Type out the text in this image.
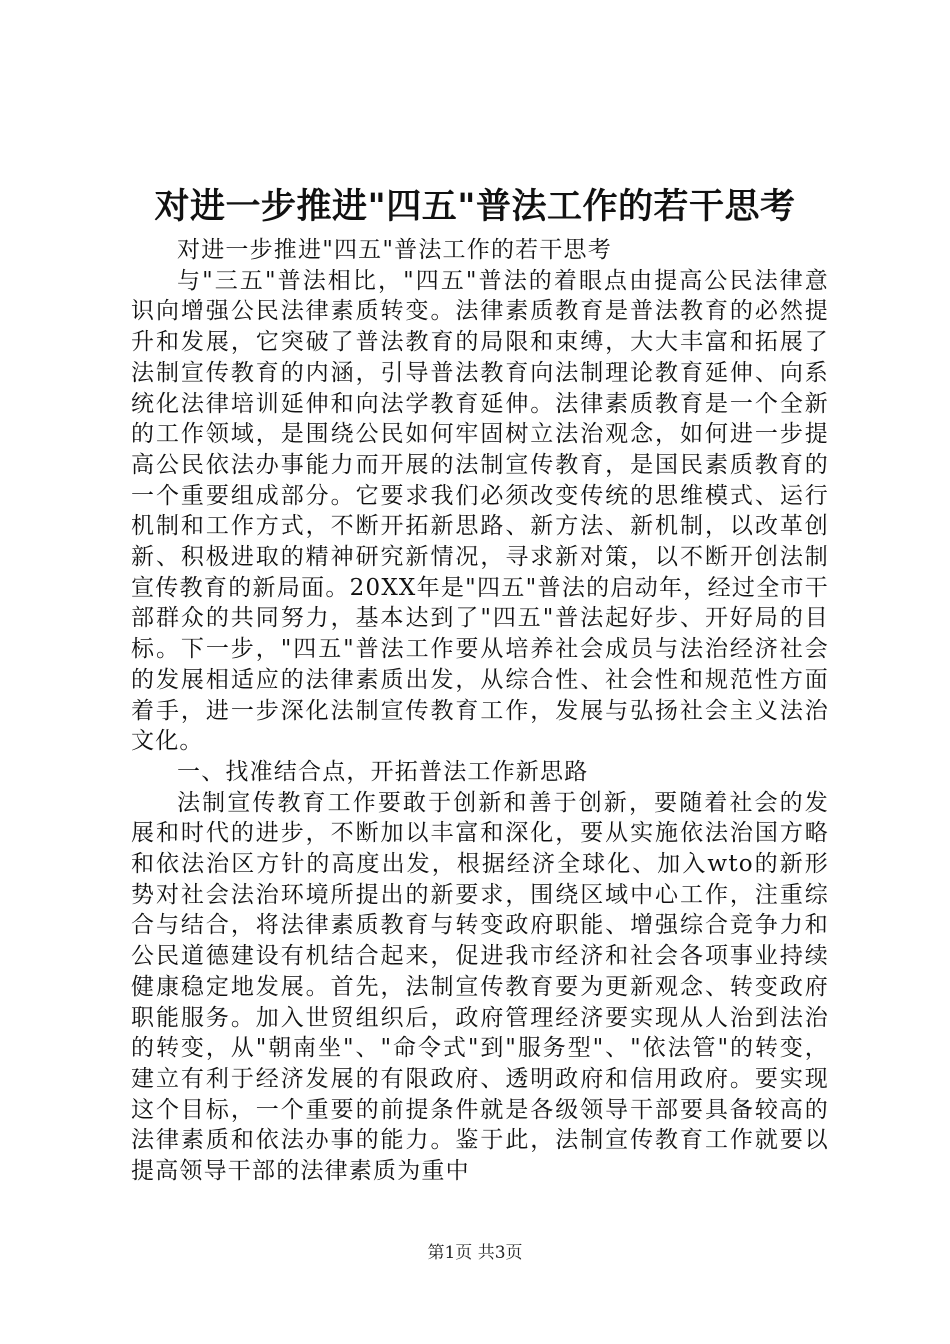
对进一步推进"四五"普法工作的若干思考

对进一步推进"四五"普法工作的若干思考

与"三五"普法相比，"四五"普法的着眼点由提高公民法律意识向增强公民法律素质转变。法律素质教育是普法教育的必然提升和发展，它突破了普法教育的局限和束缚，大大丰富和拓展了法制宣传教育的内涵，引导普法教育向法制理论教育延伸、向系统化法律培训延伸和向法学教育延伸。法律素质教育是一个全新的工作领域，是围绕公民如何牢固树立法治观念，如何进一步提高公民依法办事能力而开展的法制宣传教育，是国民素质教育的一个重要组成部分。它要求我们必须改变传统的思维模式、运行机制和工作方式，不断开拓新思路、新方法、新机制，以改革创新、积极进取的精神研究新情况，寻求新对策，以不断开创法制宣传教育的新局面。20XX年是"四五"普法的启动年，经过全市干部群众的共同努力，基本达到了"四五"普法起好步、开好局的目标。下一步，"四五"普法工作要从培养社会成员与法治经济社会的发展相适应的法律素质出发，从综合性、社会性和规范性方面着手，进一步深化法制宣传教育工作，发展与弘扬社会主义法治文化。

一、找准结合点，开拓普法工作新思路

法制宣传教育工作要敢于创新和善于创新，要随着社会的发展和时代的进步，不断加以丰富和深化，要从实施依法治国方略和依法治区方针的高度出发，根据经济全球化、加入wto的新形势对社会法治环境所提出的新要求，围绕区域中心工作，注重综合与结合，将法律素质教育与转变政府职能、增强综合竞争力和公民道德建设有机结合起来，促进我市经济和社会各项事业持续健康稳定地发展。首先，法制宣传教育要为更新观念、转变政府职能服务。加入世贸组织后，政府管理经济要实现从人治到法治的转变，从"朝南坐"、"命令式"到"服务型"、"依法管"的转变，建立有利于经济发展的有限政府、透明政府和信用政府。要实现这个目标，一个重要的前提条件就是各级领导干部要具备较高的法律素质和依法办事的能力。鉴于此，法制宣传教育工作就要以提高领导干部的法律素质为重中

第1页 共3页
